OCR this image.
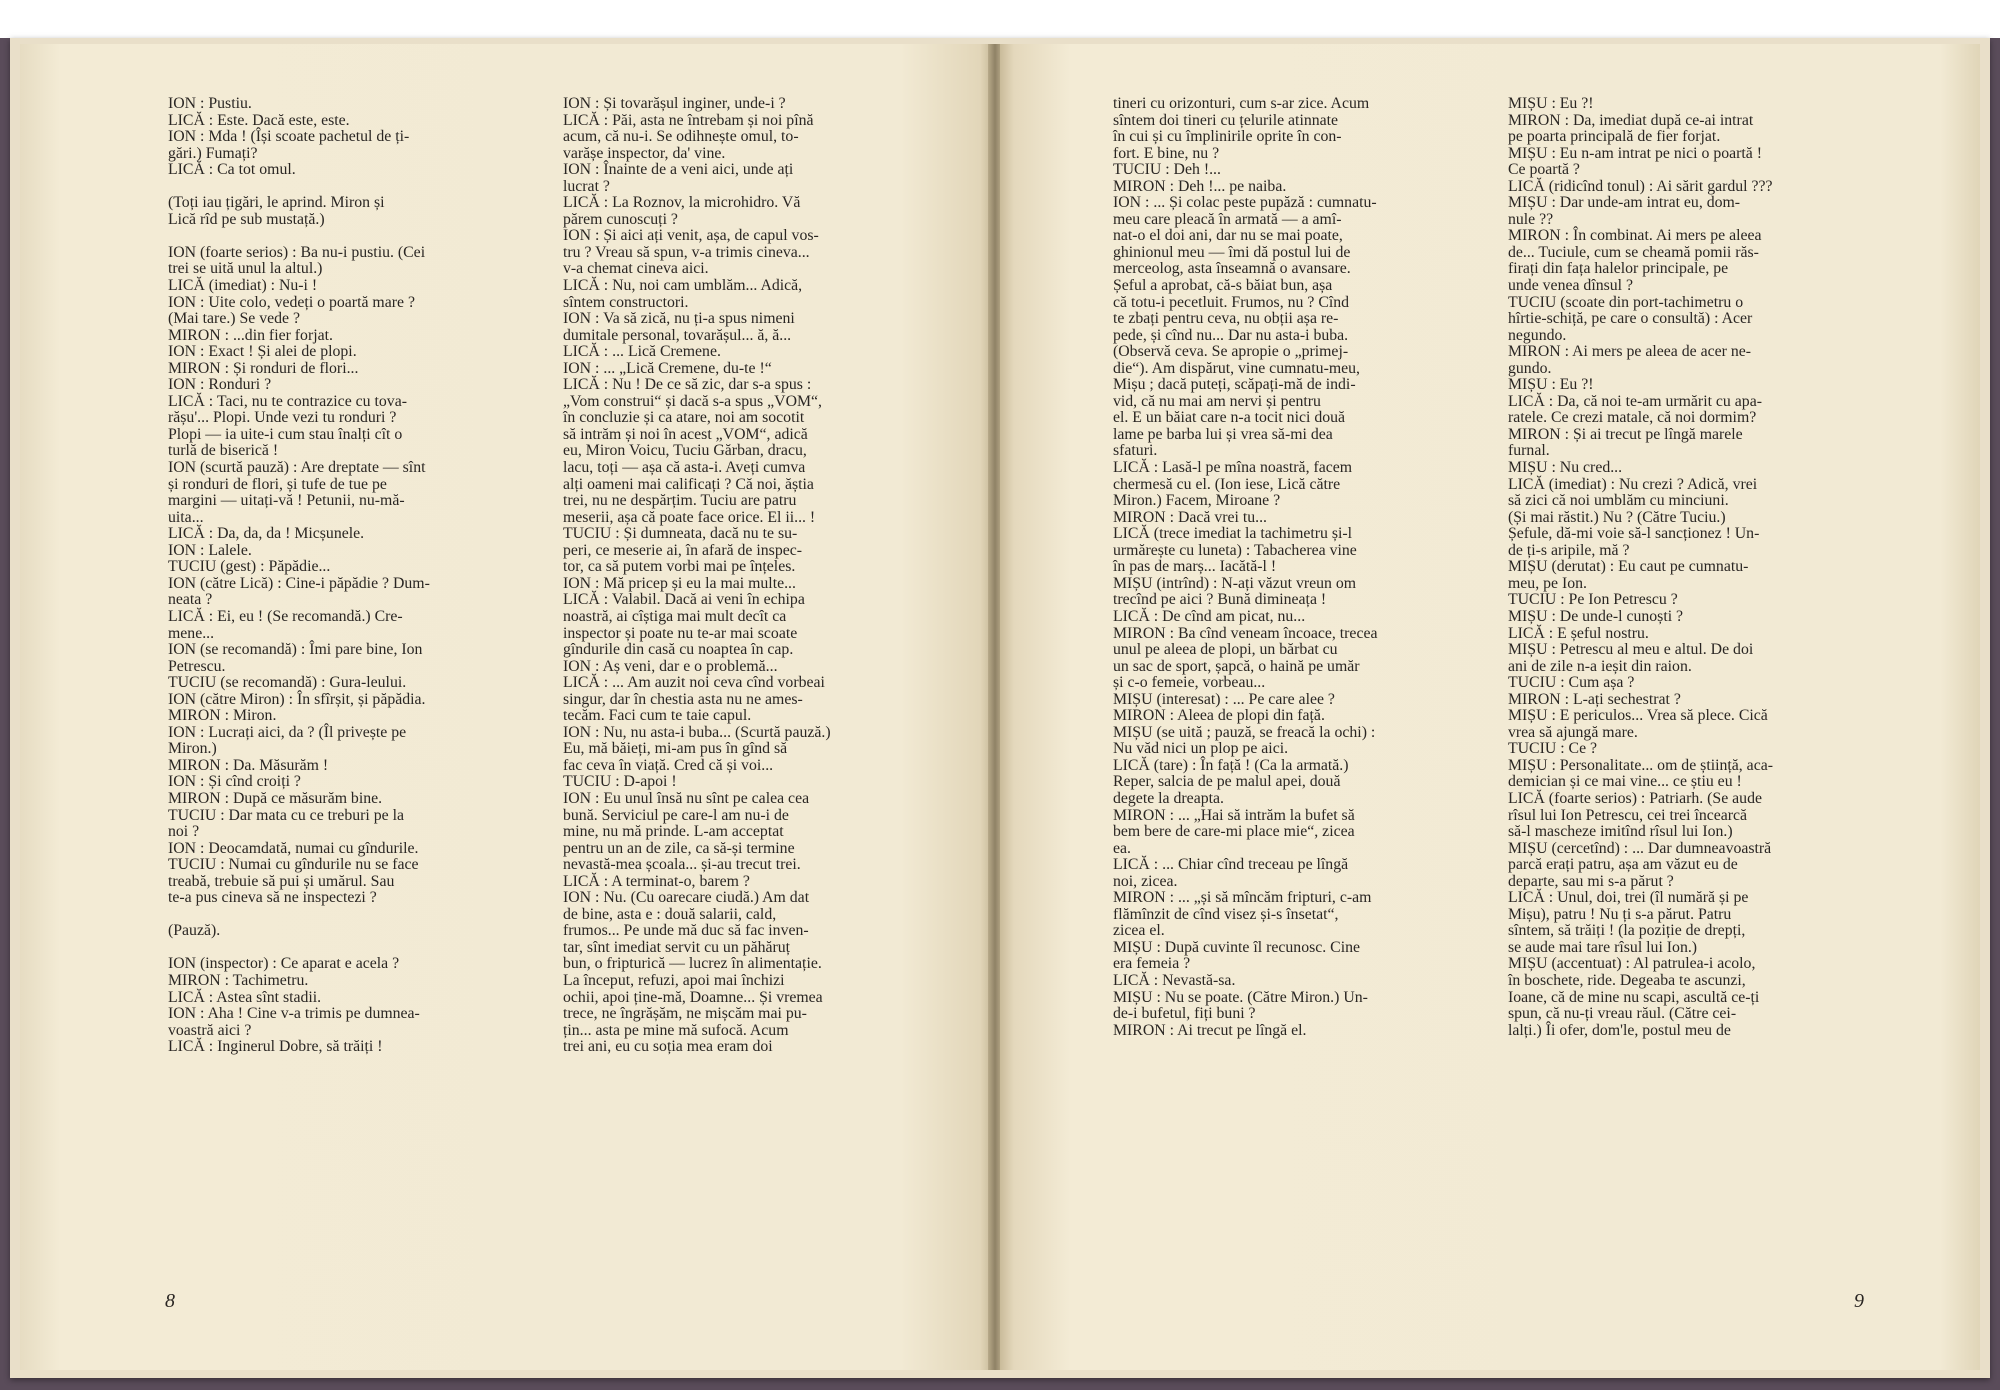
ION : Pustiu.
LICĂ : Este. Dacă este, este.
ION : Mda ! (Își scoate pachetul de ți-
gări.) Fumați?
LICĂ : Ca tot omul.

(Toți iau țigări, le aprind. Miron și
Lică rîd pe sub mustață.)

ION (foarte serios) : Ba nu-i pustiu. (Cei
trei se uită unul la altul.)
LICĂ (imediat) : Nu-i !
ION : Uite colo, vedeți o poartă mare ?
(Mai tare.) Se vede ?
MIRON : ...din fier forjat.
ION : Exact ! Și alei de plopi.
MIRON : Și ronduri de flori...
ION : Ronduri ?
LICĂ : Taci, nu te contrazice cu tova-
rășu'... Plopi. Unde vezi tu ronduri ?
Plopi — ia uite-i cum stau înalți cît o
turlă de biserică !
ION (scurtă pauză) : Are dreptate — sînt
și ronduri de flori, și tufe de tue pe
margini — uitați-vă ! Petunii, nu-mă-
uita...
LICĂ : Da, da, da ! Micșunele.
ION : Lalele.
TUCIU (gest) : Păpădie...
ION (către Lică) : Cine-i păpădie ? Dum-
neata ?
LICĂ : Ei, eu ! (Se recomandă.) Cre-
mene...
ION (se recomandă) : Îmi pare bine, Ion
Petrescu.
TUCIU (se recomandă) : Gura-leului.
ION (către Miron) : În sfîrșit, și păpădia.
MIRON : Miron.
ION : Lucrați aici, da ? (Îl privește pe
Miron.)
MIRON : Da. Măsurăm !
ION : Și cînd croiți ?
MIRON : După ce măsurăm bine.
TUCIU : Dar mata cu ce treburi pe la
noi ?
ION : Deocamdată, numai cu gîndurile.
TUCIU : Numai cu gîndurile nu se face
treabă, trebuie să pui și umărul. Sau
te-a pus cineva să ne inspectezi ?

(Pauză).

ION (inspector) : Ce aparat e acela ?
MIRON : Tachimetru.
LICĂ : Astea sînt stadii.
ION : Aha ! Cine v-a trimis pe dumnea-
voastră aici ?
LICĂ : Inginerul Dobre, să trăiți !
ION : Și tovarășul inginer, unde-i ?
LICĂ : Păi, asta ne întrebam și noi pînă
acum, că nu-i. Se odihnește omul, to-
varășe inspector, da' vine.
ION : Înainte de a veni aici, unde ați
lucrat ?
LICĂ : La Roznov, la microhidro. Vă
părem cunoscuți ?
ION : Și aici ați venit, așa, de capul vos-
tru ? Vreau să spun, v-a trimis cineva...
v-a chemat cineva aici.
LICĂ : Nu, noi cam umblăm... Adică,
sîntem constructori.
ION : Va să zică, nu ți-a spus nimeni
dumitale personal, tovarășul... ă, ă...
LICĂ : ... Lică Cremene.
ION : ... „Lică Cremene, du-te !“
LICĂ : Nu ! De ce să zic, dar s-a spus :
„Vom construi“ și dacă s-a spus „VOM“,
în concluzie și ca atare, noi am socotit
să intrăm și noi în acest „VOM“, adică
eu, Miron Voicu, Tuciu Gărban, dracu,
lacu, toți — așa că asta-i. Aveți cumva
alți oameni mai calificați ? Că noi, ăștia
trei, nu ne despărțim. Tuciu are patru
meserii, așa că poate face orice. El ii... !
TUCIU : Și dumneata, dacă nu te su-
peri, ce meserie ai, în afară de inspec-
tor, ca să putem vorbi mai pe înțeles.
ION : Mă pricep și eu la mai multe...
LICĂ : Valabil. Dacă ai veni în echipa
noastră, ai cîștiga mai mult decît ca
inspector și poate nu te-ar mai scoate
gîndurile din casă cu noaptea în cap.
ION : Aș veni, dar e o problemă...
LICĂ : ... Am auzit noi ceva cînd vorbeai
singur, dar în chestia asta nu ne ames-
tecăm. Faci cum te taie capul.
ION : Nu, nu asta-i buba... (Scurtă pauză.)
Eu, mă băieți, mi-am pus în gînd să
fac ceva în viață. Cred că și voi...
TUCIU : D-apoi !
ION : Eu unul însă nu sînt pe calea cea
bună. Serviciul pe care-l am nu-i de
mine, nu mă prinde. L-am acceptat
pentru un an de zile, ca să-și termine
nevastă-mea școala... și-au trecut trei.
LICĂ : A terminat-o, barem ?
ION : Nu. (Cu oarecare ciudă.) Am dat
de bine, asta e : două salarii, cald,
frumos... Pe unde mă duc să fac inven-
tar, sînt imediat servit cu un păhăruț
bun, o fripturică — lucrez în alimentație.
La început, refuzi, apoi mai închizi
ochii, apoi ține-mă, Doamne... Și vremea
trece, ne îngrășăm, ne mișcăm mai pu-
țin... asta pe mine mă sufocă. Acum
trei ani, eu cu soția mea eram doi
tineri cu orizonturi, cum s-ar zice. Acum
sîntem doi tineri cu țelurile atinnate
în cui și cu împlinirile oprite în con-
fort. E bine, nu ?
TUCIU : Deh !...
MIRON : Deh !... pe naiba.
ION : ... Și colac peste pupăză : cumnatu-
meu care pleacă în armată — a amî-
nat-o el doi ani, dar nu se mai poate,
ghinionul meu — îmi dă postul lui de
merceolog, asta înseamnă o avansare.
Șeful a aprobat, că-s băiat bun, așa
că totu-i pecetluit. Frumos, nu ? Cînd
te zbați pentru ceva, nu obții așa re-
pede, și cînd nu... Dar nu asta-i buba.
(Observă ceva. Se apropie o „primej-
die“). Am dispărut, vine cumnatu-meu,
Mișu ; dacă puteți, scăpați-mă de indi-
vid, că nu mai am nervi și pentru
el. E un băiat care n-a tocit nici două
lame pe barba lui și vrea să-mi dea
sfaturi.
LICĂ : Lasă-l pe mîna noastră, facem
chermesă cu el. (Ion iese, Lică către
Miron.) Facem, Miroane ?
MIRON : Dacă vrei tu...
LICĂ (trece imediat la tachimetru și-l
urmărește cu luneta) : Tabacherea vine
în pas de marș... Iacătă-l !
MIȘU (intrînd) : N-ați văzut vreun om
trecînd pe aici ? Bună dimineața !
LICĂ : De cînd am picat, nu...
MIRON : Ba cînd veneam încoace, trecea
unul pe aleea de plopi, un bărbat cu
un sac de sport, șapcă, o haină pe umăr
și c-o femeie, vorbeau...
MIȘU (interesat) : ... Pe care alee ?
MIRON : Aleea de plopi din față.
MIȘU (se uită ; pauză, se freacă la ochi) :
Nu văd nici un plop pe aici.
LICĂ (tare) : În față ! (Ca la armată.)
Reper, salcia de pe malul apei, două
degete la dreapta.
MIRON : ... „Hai să intrăm la bufet să
bem bere de care-mi place mie“, zicea
ea.
LICĂ : ... Chiar cînd treceau pe lîngă
noi, zicea.
MIRON : ... „și să mîncăm fripturi, c-am
flămînzit de cînd visez și-s însetat“,
zicea el.
MIȘU : După cuvinte îl recunosc. Cine
era femeia ?
LICĂ : Nevastă-sa.
MIȘU : Nu se poate. (Către Miron.) Un-
de-i bufetul, fiți buni ?
MIRON : Ai trecut pe lîngă el.
MIȘU : Eu ?!
MIRON : Da, imediat după ce-ai intrat
pe poarta principală de fier forjat.
MIȘU : Eu n-am intrat pe nici o poartă !
Ce poartă ?
LICĂ (ridicînd tonul) : Ai sărit gardul ???
MIȘU : Dar unde-am intrat eu, dom-
nule ??
MIRON : În combinat. Ai mers pe aleea
de... Tuciule, cum se cheamă pomii răs-
firați din fața halelor principale, pe
unde venea dînsul ?
TUCIU (scoate din port-tachimetru o
hîrtie-schiță, pe care o consultă) : Acer
negundo.
MIRON : Ai mers pe aleea de acer ne-
gundo.
MIȘU : Eu ?!
LICĂ : Da, că noi te-am urmărit cu apa-
ratele. Ce crezi matale, că noi dormim?
MIRON : Și ai trecut pe lîngă marele
furnal.
MIȘU : Nu cred...
LICĂ (imediat) : Nu crezi ? Adică, vrei
să zici că noi umblăm cu minciuni.
(Și mai răstit.) Nu ? (Către Tuciu.)
Șefule, dă-mi voie să-l sancționez ! Un-
de ți-s aripile, mă ?
MIȘU (derutat) : Eu caut pe cumnatu-
meu, pe Ion.
TUCIU : Pe Ion Petrescu ?
MIȘU : De unde-l cunoști ?
LICĂ : E șeful nostru.
MIȘU : Petrescu al meu e altul. De doi
ani de zile n-a ieșit din raion.
TUCIU : Cum așa ?
MIRON : L-ați sechestrat ?
MIȘU : E periculos... Vrea să plece. Cică
vrea să ajungă mare.
TUCIU : Ce ?
MIȘU : Personalitate... om de știință, aca-
demician și ce mai vine... ce știu eu !
LICĂ (foarte serios) : Patriarh. (Se aude
rîsul lui Ion Petrescu, cei trei încearcă
să-l mascheze imitînd rîsul lui Ion.)
MIȘU (cercetînd) : ... Dar dumneavoastră
parcă erați patru, așa am văzut eu de
departe, sau mi s-a părut ?
LICĂ : Unul, doi, trei (îl numără și pe
Mișu), patru ! Nu ți s-a părut. Patru
sîntem, să trăiți ! (la poziție de drepți,
se aude mai tare rîsul lui Ion.)
MIȘU (accentuat) : Al patrulea-i acolo,
în boschete, ride. Degeaba te ascunzi,
Ioane, că de mine nu scapi, ascultă ce-ți
spun, că nu-ți vreau răul. (Către cei-
lalți.) Îi ofer, dom'le, postul meu de
8	9
